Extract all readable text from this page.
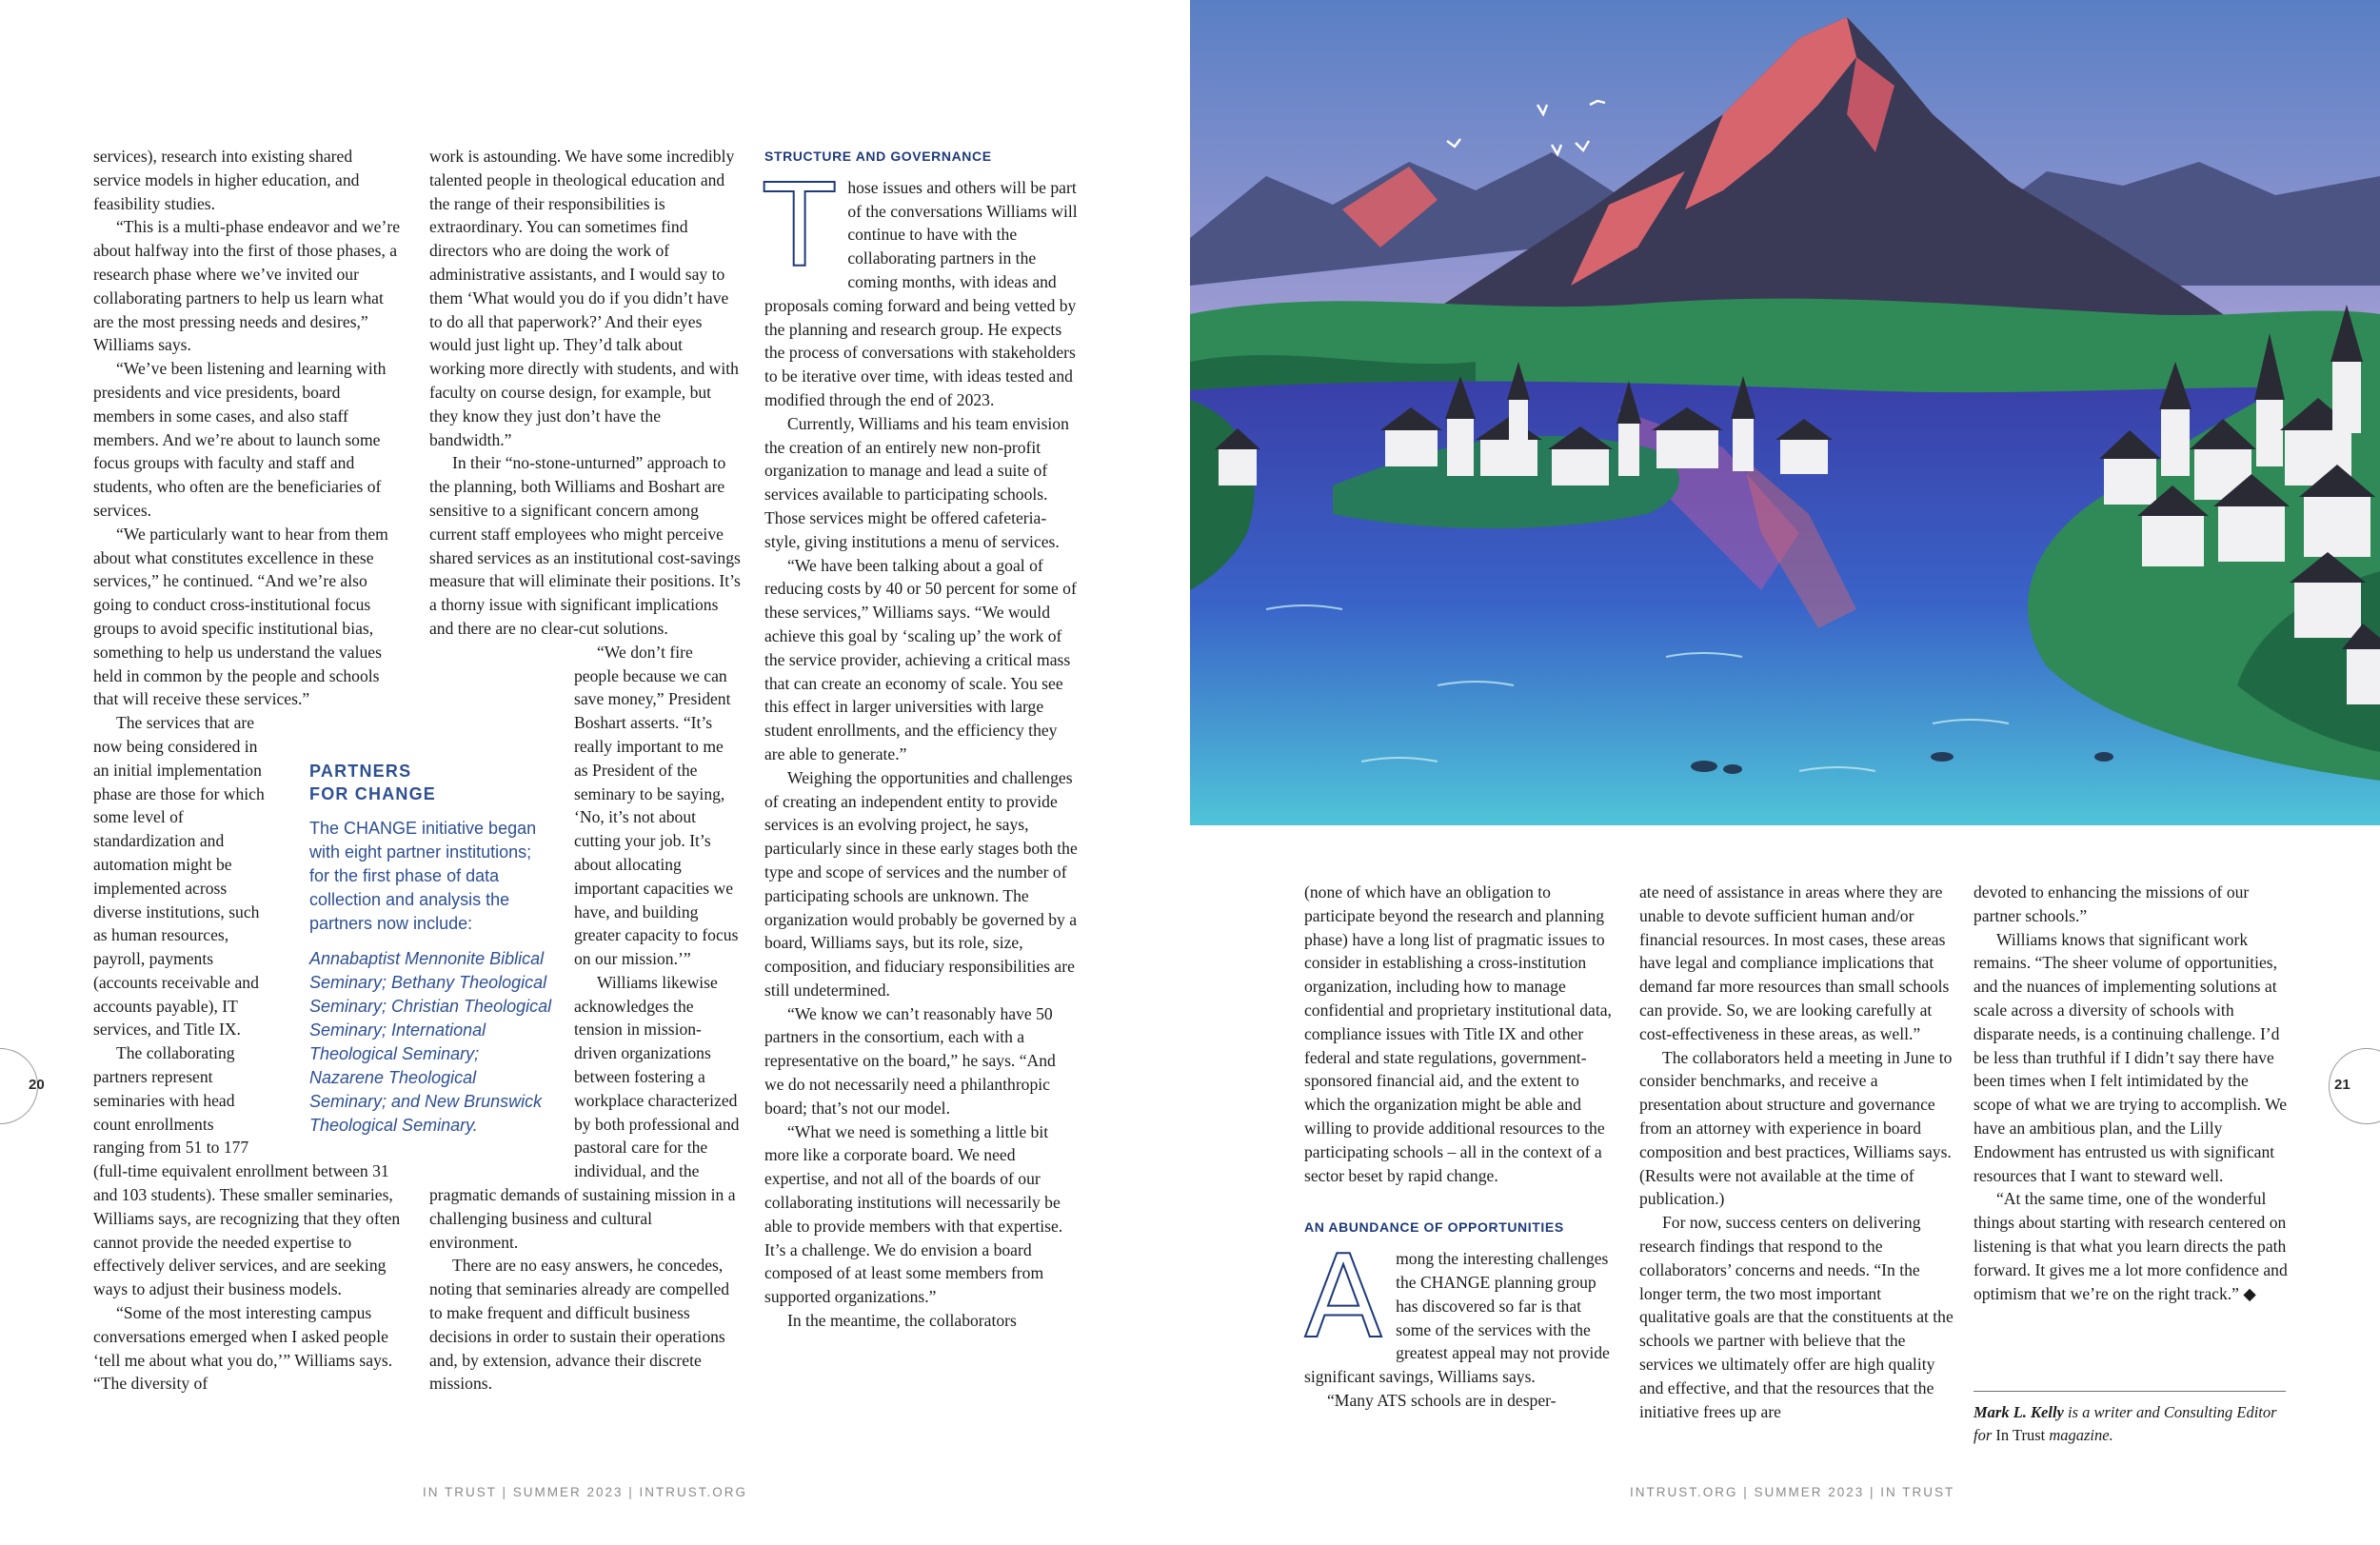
services), research into existing shared service models in higher education, and feasibility studies.

“This is a multi-phase endeavor and we’re about halfway into the first of those phases, a research phase where we’ve invited our collaborating partners to help us learn what are the most pressing needs and desires,” Williams says.

“We’ve been listening and learning with presidents and vice presidents, board members in some cases, and also staff members. And we’re about to launch some focus groups with faculty and staff and students, who often are the beneficiaries of services.

“We particularly want to hear from them about what constitutes excellence in these services,” he continued. “And we’re also going to conduct cross-institutional focus groups to avoid specific institutional bias, something to help us understand the values held in common by the people and schools that will receive these services.”

The services that are now being considered in an initial implementation phase are those for which some level of standardization and automation might be implemented across diverse institutions, such as human resources, payroll, payments (accounts receivable and accounts payable), IT services, and Title IX.

The collaborating partners represent seminaries with head count enrollments ranging from 51 to 177 (full-time equivalent enrollment between 31 and 103 students). These smaller seminaries, Williams says, are recognizing that they often cannot provide the needed expertise to effectively deliver services, and are seeking ways to adjust their business models.

“Some of the most interesting campus conversations emerged when I asked people ‘tell me about what you do,’” Williams says. “The diversity of

work is astounding. We have some incredibly talented people in theological education and the range of their responsibilities is extraordinary. You can sometimes find directors who are doing the work of administrative assistants, and I would say to them ‘What would you do if you didn’t have to do all that paperwork?’ And their eyes would just light up. They’d talk about working more directly with students, and with faculty on course design, for example, but they know they just don’t have the bandwidth.”

In their “no-stone-unturned” approach to the planning, both Williams and Boshart are sensitive to a significant concern among current staff employees who might perceive shared services as an institutional cost-savings measure that will eliminate their positions. It’s a thorny issue with significant implications and there are no clear-cut solutions.

“We don’t fire people because we can save money,” President Boshart asserts. “It’s really important to me as President of the seminary to be saying, ‘No, it’s not about cutting your job. It’s about allocating important capacities we have, and building greater capacity to focus on our mission.’”

Williams likewise acknowledges the tension in mission-driven organizations between fostering a workplace characterized by both professional and pastoral care for the individual, and the pragmatic demands of sustaining mission in a challenging business and cultural environment.

There are no easy answers, he concedes, noting that seminaries already are compelled to make frequent and difficult business decisions in order to sustain their operations and, by extension, advance their discrete missions.

STRUCTURE AND GOVERNANCE
T hose issues and others will be part of the conversations Williams will continue to have with the collaborating partners in the coming months, with ideas and proposals coming forward and being vetted by the planning and research group. He expects the process of conversations with stakeholders to be iterative over time, with ideas tested and modified through the end of 2023.

Currently, Williams and his team envision the creation of an entirely new non-profit organization to manage and lead a suite of services available to participating schools. Those services might be offered cafeteria-style, giving institutions a menu of services.

“We have been talking about a goal of reducing costs by 40 or 50 percent for some of these services,” Williams says. “We would achieve this goal by ‘scaling up’ the work of the service provider, achieving a critical mass that can create an economy of scale. You see this effect in larger universities with large student enrollments, and the efficiency they are able to generate.”

Weighing the opportunities and challenges of creating an independent entity to provide services is an evolving project, he says, particularly since in these early stages both the type and scope of services and the number of participating schools are unknown. The organization would probably be governed by a board, Williams says, but its role, size, composition, and fiduciary responsibilities are still undetermined.

“We know we can’t reasonably have 50 partners in the consortium, each with a representative on the board,” he says. “And we do not necessarily need a philanthropic board; that’s not our model.

“What we need is something a little bit more like a corporate board. We need expertise, and not all of the boards of our collaborating institutions will necessarily be able to provide members with that expertise. It’s a challenge. We do envision a board composed of at least some members from supported organizations.”

In the meantime, the collaborators

PARTNERS
FOR CHANGE

The CHANGE initiative began with eight partner institutions; for the first phase of data collection and analysis the partners now include:

Annabaptist Mennonite Biblical Seminary; Bethany Theological Seminary; Christian Theological Seminary; International Theological Seminary; Nazarene Theological Seminary; and New Brunswick Theological Seminary.

20
IN TRUST | SUMMER 2023 | INTRUST.ORG

(none of which have an obligation to participate beyond the research and planning phase) have a long list of pragmatic issues to consider in establishing a cross-institution organization, including how to manage confidential and proprietary institutional data, compliance issues with Title IX and other federal and state regulations, government-sponsored financial aid, and the extent to which the organization might be able and willing to provide additional resources to the participating schools – all in the context of a sector beset by rapid change.

AN ABUNDANCE OF OPPORTUNITIES
A mong the interesting challenges the CHANGE planning group has discovered so far is that some of the services with the greatest appeal may not provide significant savings, Williams says.

“Many ATS schools are in desper-

ate need of assistance in areas where they are unable to devote sufficient human and/or financial resources. In most cases, these areas have legal and compliance implications that demand far more resources than small schools can provide. So, we are looking carefully at cost-effectiveness in these areas, as well.”

The collaborators held a meeting in June to consider benchmarks, and receive a presentation about structure and governance from an attorney with experience in board composition and best practices, Williams says. (Results were not available at the time of publication.)

For now, success centers on delivering research findings that respond to the collaborators’ concerns and needs. “In the longer term, the two most important qualitative goals are that the constituents at the schools we partner with believe that the services we ultimately offer are high quality and effective, and that the resources that the initiative frees up are

devoted to enhancing the missions of our partner schools.”

Williams knows that significant work remains. “The sheer volume of opportunities, and the nuances of implementing solutions at scale across a diversity of schools with disparate needs, is a continuing challenge. I’d be less than truthful if I didn’t say there have been times when I felt intimidated by the scope of what we are trying to accomplish. We have an ambitious plan, and the Lilly Endowment has entrusted us with significant resources that I want to steward well.

“At the same time, one of the wonderful things about starting with research centered on listening is that what you learn directs the path forward. It gives me a lot more confidence and optimism that we’re on the right track.” ◆

Mark L. Kelly is a writer and Consulting Editor for In Trust magazine.

21
INTRUST.ORG | SUMMER 2023 | IN TRUST
